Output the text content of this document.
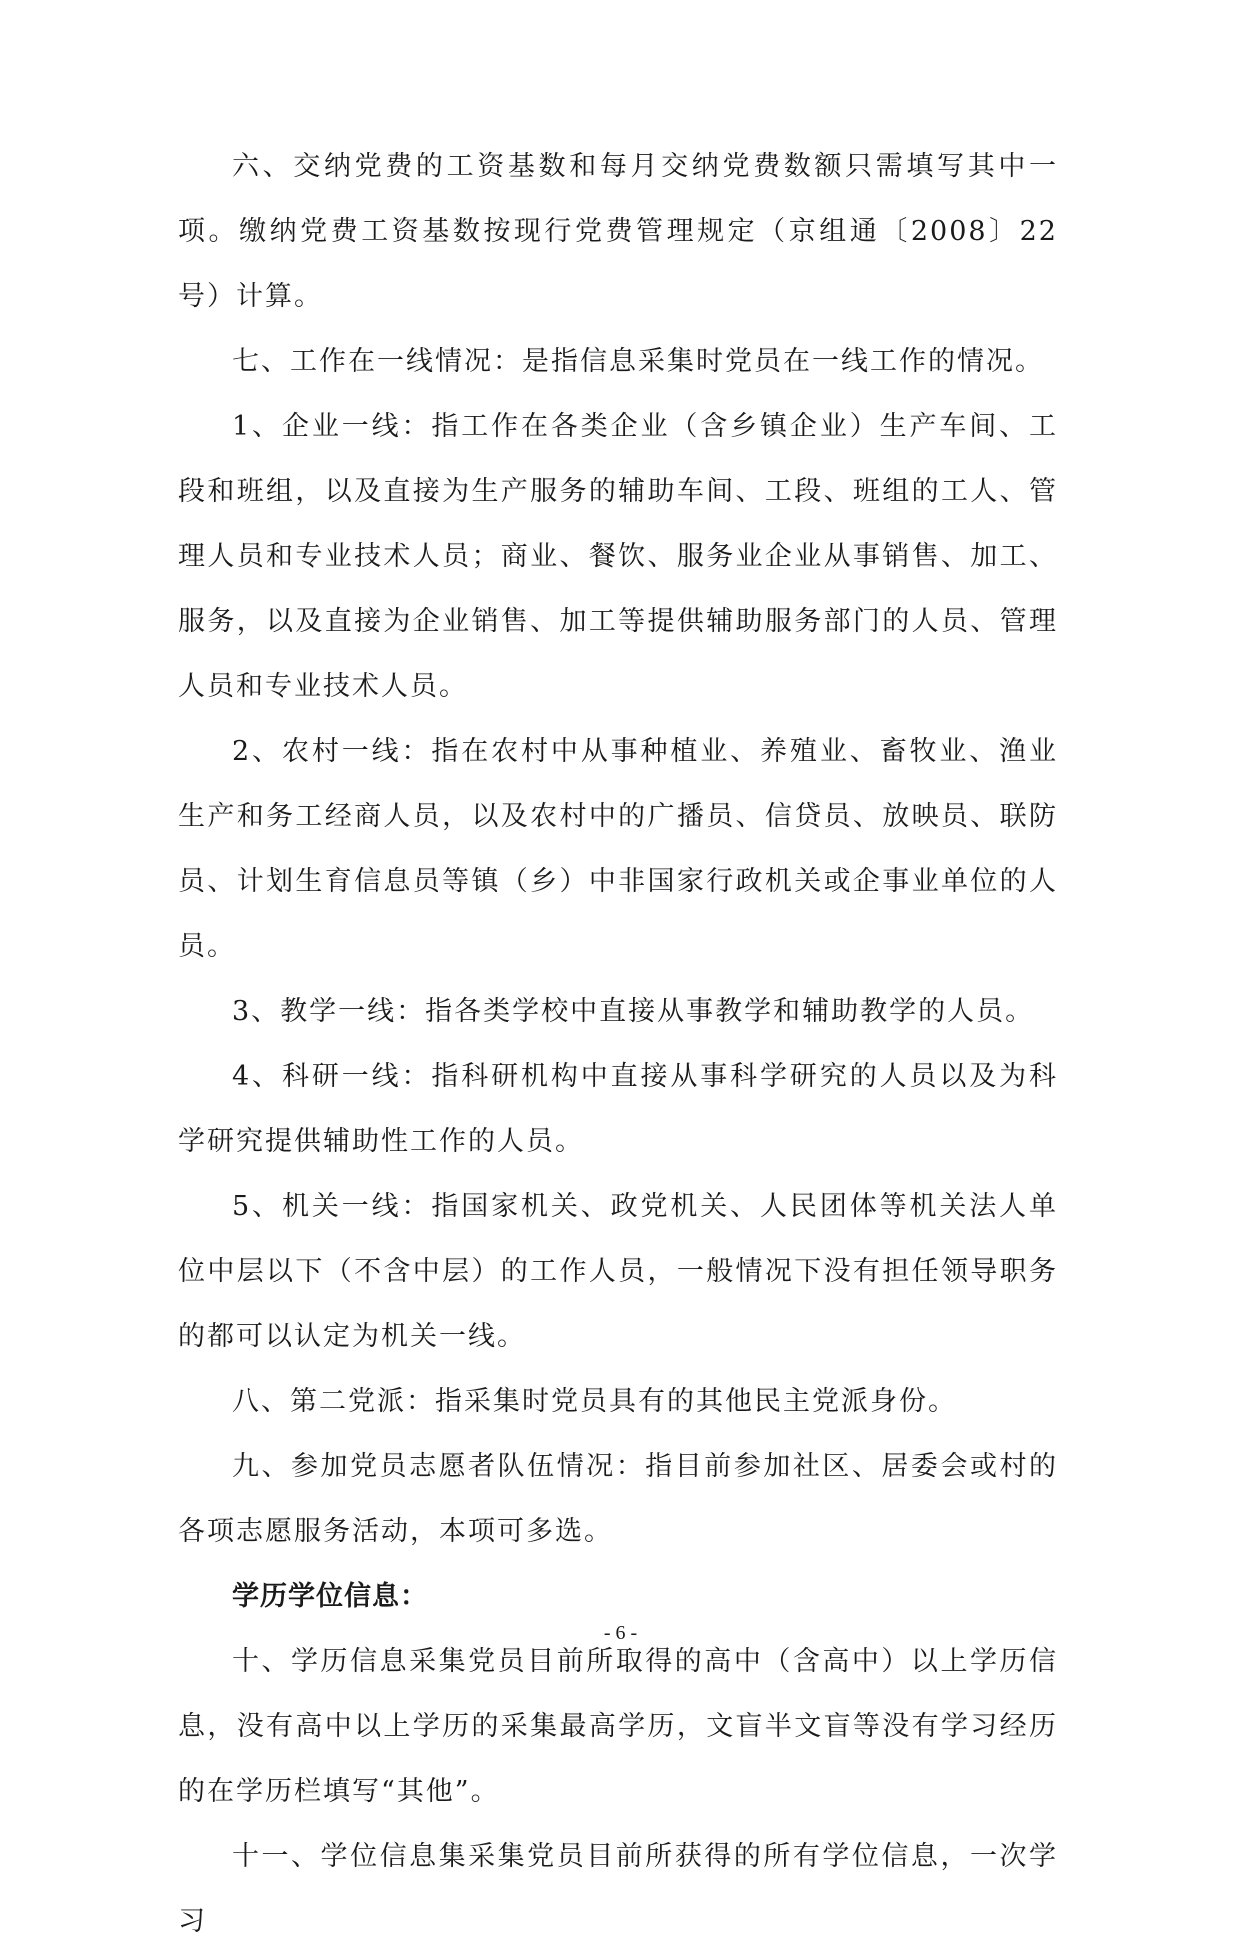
六、交纳党费的工资基数和每月交纳党费数额只需填写其中一项。缴纳党费工资基数按现行党费管理规定（京组通〔2008〕22号）计算。

七、工作在一线情况：是指信息采集时党员在一线工作的情况。

1、企业一线：指工作在各类企业（含乡镇企业）生产车间、工段和班组，以及直接为生产服务的辅助车间、工段、班组的工人、管理人员和专业技术人员；商业、餐饮、服务业企业从事销售、加工、服务，以及直接为企业销售、加工等提供辅助服务部门的人员、管理人员和专业技术人员。

2、农村一线：指在农村中从事种植业、养殖业、畜牧业、渔业生产和务工经商人员，以及农村中的广播员、信贷员、放映员、联防员、计划生育信息员等镇（乡）中非国家行政机关或企事业单位的人员。

3、教学一线：指各类学校中直接从事教学和辅助教学的人员。

4、科研一线：指科研机构中直接从事科学研究的人员以及为科学研究提供辅助性工作的人员。

5、机关一线：指国家机关、政党机关、人民团体等机关法人单位中层以下（不含中层）的工作人员，一般情况下没有担任领导职务的都可以认定为机关一线。

八、第二党派：指采集时党员具有的其他民主党派身份。

九、参加党员志愿者队伍情况：指目前参加社区、居委会或村的各项志愿服务活动，本项可多选。

学历学位信息：

十、学历信息采集党员目前所取得的高中（含高中）以上学历信息，没有高中以上学历的采集最高学历，文盲半文盲等没有学习经历的在学历栏填写“其他”。

十一、学位信息集采集党员目前所获得的所有学位信息，一次学习

- 6 -
